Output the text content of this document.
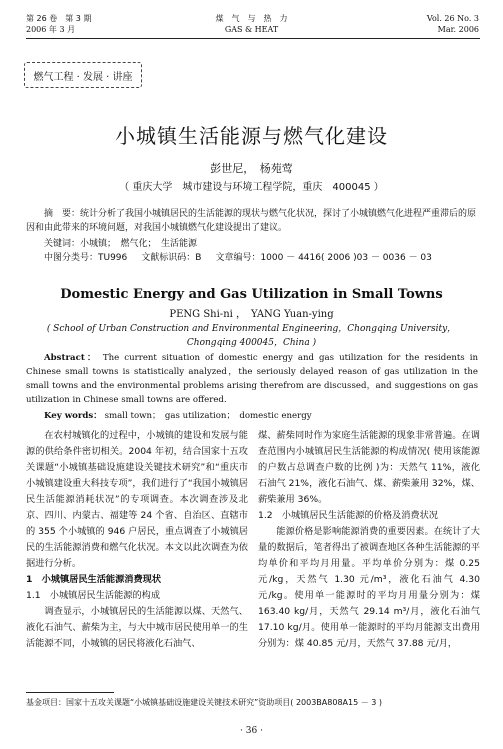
第 26 卷　第 3 期
2006 年 3 月
煤　气　与　热　力
GAS & HEAT
Vol. 26 No. 3
Mar. 2006
燃气工程 · 发展 · 讲座
小城镇生活能源与燃气化建设
彭世尼，　杨苑莺
（ 重庆大学　城市建设与环境工程学院，重庆　400045 ）
摘　要：统计分析了我国小城镇居民的生活能源的现状与燃气化状况，探讨了小城镇燃气化进程严重滞后的原因和由此带来的环境问题，对我国小城镇燃气化建设提出了建议。
关键词：小城镇；　燃气化；　生活能源
中图分类号：TU996 文献标识码：B 文章编号：1000 － 4416( 2006 )03 － 0036 － 03
Domestic Energy and Gas Utilization in Small Towns
PENG Shi-ni ，　YANG Yuan-ying
( School of Urban Construction and Environmental Engineering，Chongqing University，
Chongqing 400045，China )
Abstract： The current situation of domestic energy and gas utilization for the residents in Chinese small towns is statistically analyzed，the seriously delayed reason of gas utilization in the small towns and the environmental problems arising therefrom are discussed，and suggestions on gas utilization in Chinese small towns are offered.
Key words： small town；　gas utilization；　domestic energy

在农村城镇化的过程中，小城镇的建设和发展与能源的供给条件密切相关。2004 年初，结合国家十五攻关课题“小城镇基础设施建设关键技术研究”和“重庆市小城镇建设重大科技专项”，我们进行了“我国小城镇居民生活能源消耗状况”的专项调查。本次调查涉及北京、四川、内蒙古、福建等 24 个省、自治区、直辖市的 355 个小城镇的 946 户居民，重点调查了小城镇居民的生活能源消费和燃气化状况。本文以此次调查为依据进行分析。

1　小城镇居民生活能源消费现状

1.1　小城镇居民生活能源的构成

调查显示，小城镇居民的生活能源以煤、天然气、液化石油气、薪柴为主，与大中城市居民使用单一的生活能源不同，小城镇的居民将液化石油气、

煤、薪柴同时作为家庭生活能源的现象非常普遍。在调查范围内小城镇居民生活能源的构成情况( 使用该能源的户数占总调查户数的比例 )为：天然气 11%，液化石油气 21%，液化石油气、煤、薪柴兼用 32%，煤、薪柴兼用 36%。

1.2　小城镇居民生活能源的价格及消费状况

能源价格是影响能源消费的重要因素。在统计了大量的数据后，笔者得出了被调查地区各种生活能源的平均单价和平均月用量。平均单价分别为：煤 0.25 元/kg，天然气 1.30 元/m³，液化石油气 4.30 元/kg。使用单一能源时的平均月用量分别为：煤 163.40 kg/月，天然气 29.14 m³/月，液化石油气 17.10 kg/月。使用单一能源时的平均月能源支出费用分别为：煤 40.85 元/月，天然气 37.88 元/月，

基金项目：国家十五攻关课题“小城镇基础设施建设关键技术研究”资助项目( 2003BA808A15 － 3 )
· 36 ·
